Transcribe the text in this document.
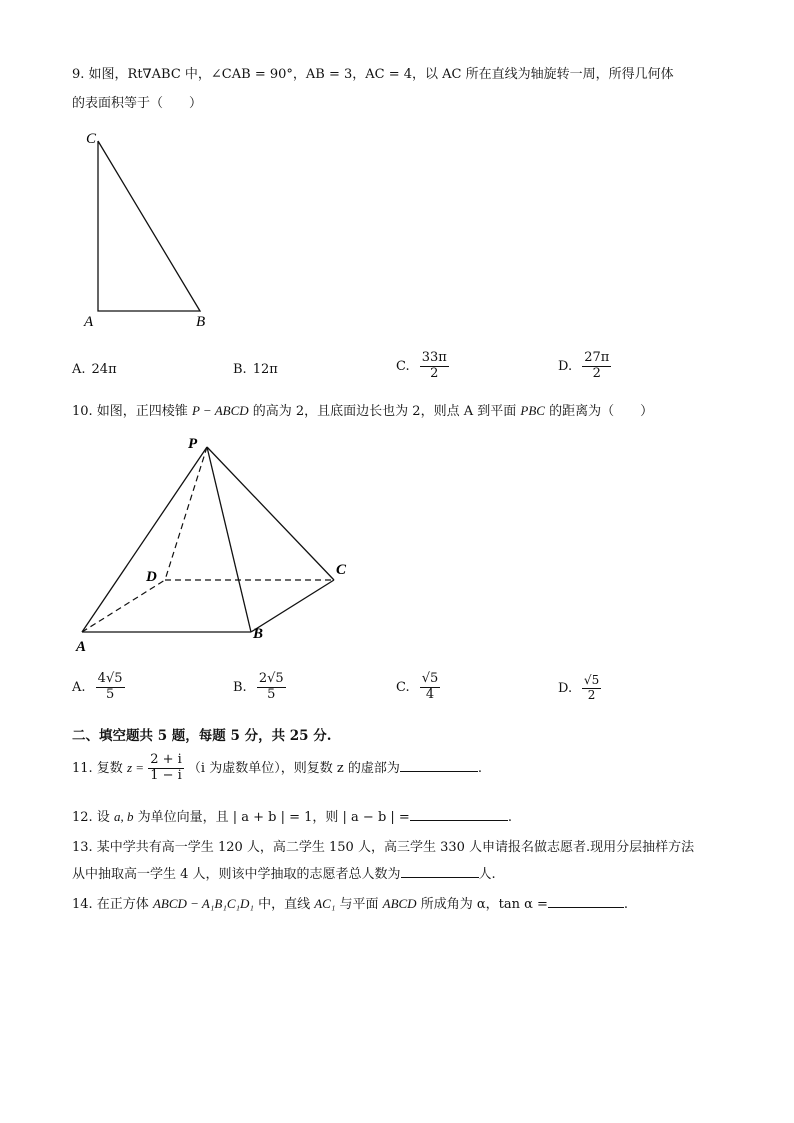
9. 如图，Rt∇ABC 中，∠CAB = 90°，AB = 3，AC = 4，以 AC 所在直线为轴旋转一周，所得几何体
的表面积等于（　　）
C
A	B
A. 24π	B. 12π	C. $\frac{33\pi}{2}$	D. $\frac{27\pi}{2}$
10. 如图，正四棱锥 P − ABCD 的高为 2，且底面边长也为 2，则点 A 到平面 PBC 的距离为（　　）
P
D	C
A
B
A. $\frac{4√5}{5}$	B. $\frac{2√5}{5}$	C. $\frac{√5}{4}$	D. $\frac{√5}{2}$
二、填空题共 5 题，每题 5 分，共 25 分.
11. 复数 $z = \frac{2 + i}{1 - i} (i$ 为虚数单位），则复数 z 的虚部为	.
12. 设 a, b 为单位向量，且 | a + b | = 1，则 | a − b | =	.
13. 某中学共有高一学生 120 人，高二学生 150 人，高三学生 330 人申请报名做志愿者.现用分层抽样方法
从中抽取高一学生 4 人，则该中学抽取的志愿者总人数为	人.
14. 在正方体 ABCD − A₁B₁C₁D₁ 中，直线 AC₁ 与平面 ABCD 所成角为 α，tan α =	.
